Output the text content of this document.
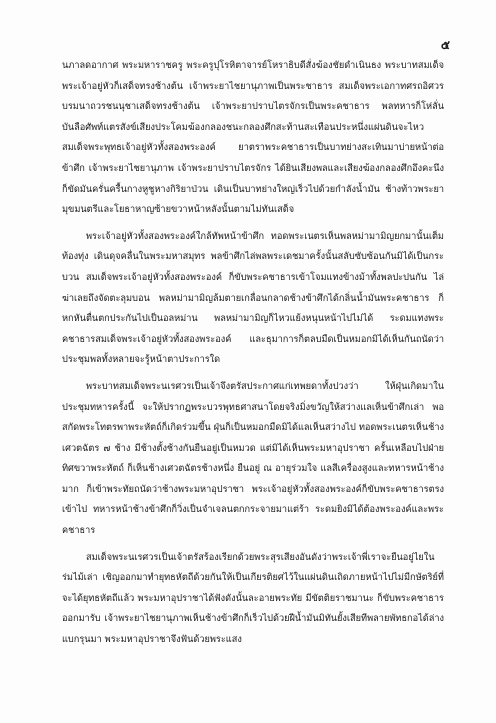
๕

นภาลดอากาศ พระมหาราชครู พระครูปุโรหิตาจารย์โหราธิบดีสั่งฆ้องชัยดำเนินธง พระบาทสมเด็จพระเจ้าอยู่หัวก็เสด็จทรงช้างต้น เจ้าพระยาไชยานุภาพเป็นพระชาธาร สมเด็จพระเอกาทศรถอิศวรบรมนาถวรชนนุชาเสด็จทรงช้างต้น เจ้าพระยาปราบไตรจักรเป็นพระคชาธาร พลทหารก็โห่ลั่นบันลือศัพท์แตรสังข์เสียงประโคมฆ้องกลองชนะกลองศึกสะท้านสะเทือนประหนึ่งแผ่นดินจะไหว สมเด็จพระพุทธเจ้าอยู่หัวทั้งสองพระองค์ ยาตราพระคชาธารเป็นบาทย่างสะเทินมาบ่ายหน้าต่อข้าศึก เจ้าพระยาไชยานุภาพ เจ้าพระยาปราบไตรจักร ได้ยินเสียงพลและเสียงฆ้องกลองศึกอึงคะนึง ก็ขัดมันครั่นครื้นกางหูชูหางกิริยาป่วน เดินเป็นบาทย่างใหญ่เร็วไปด้วยกำลังน้ำมัน ช้างท้าวพระยามุขมนตรีและโยธาหาญซ้ายขวาหน้าหลังนั้นตามไม่ทันเสด็จ

พระเจ้าอยู่หัวทั้งสองพระองค์ใกล้ทัพหน้าข้าศึก ทอดพระเนตรเห็นพลหม่ามามิญยกมานั้นเต็มท้องทุ่ง เดินดุจคลื่นในพระมหาสมุทร พลข้าศึกไล่พลพระเดชมาครั้งนั้นสลับซับซ้อนกันมิได้เป็นกระบวน สมเด็จพระเจ้าอยู่หัวทั้งสองพระองค์ ก็ขับพระคชาธารเข้าโจมแทงข้างม้าทั้งพลปะปนกัน ไล่ฆ่าเลยถึงจัดตะลุมบอน พลหม่ามามิญล้มตายเกลื่อนกลาดช้างข้าศึกได้กลิ่นน้ำมันพระคชาธาร ก็หกหันตื่นตกประกันไปเป็นอลหม่าน พลหม่ามามิญก็ไหวแย้งหนุนหน้าไปไม่ได้ ระดมแทงพระคชาธารสมเด็จพระเจ้าอยู่หัวทั้งสองพระองค์ และธุมาการก็ตลบมืดเป็นหมอกมิได้เห็นกันถนัดว่าประชุมพลทั้งหลายจะรู้หน้าตาประการใด

พระบาทสมเด็จพระนเรศวรเป็นเจ้าจึงตรัสประกาศแก่เทพยดาทั้งปวงว่า ให้ฝุ่นเกิดมาในประชุมทหารครั้งนี้ จะให้ปรากฏพระบวรพุทธศาสนาโดยจริงมิ่งขวัญให้สว่างแลเห็นข้าศึกเล่า พอสกัดพระโทตรพาพระหัตถ์ก็เกิดร่วมขึ้น ฝุ่นก็เป็นหมอกมืดมิได้แลเห็นสว่างไป ทอดพระเนตรเห็นช้างเศวตฉัตร ๗ ช้าง มีช้างตั้งช้างกันยืนอยู่เป็นหมวด แต่มิได้เห็นพระมหาอุปราชา ครั้นเหลือบไปฝ่ายทิศขวาพระหัตถ์ ก็เห็นช้างเศวตฉัตรช้างหนึ่ง ยืนอยู่ ณ อายุร่วมใจ แลสีเครื่องสูงและทหารหน้าช้างมาก ก็เข้าพระทัยถนัดว่าช้างพระมหาอุปราชา พระเจ้าอยู่หัวทั้งสองพระองค์ก็ขับพระคชาธารตรงเข้าไป ทหารหน้าช้างข้าศึกก็วิ่งเป็นจำเจลนตกกระจายมาแต่ร้า ระดมยิงมิได้ต้องพระองค์และพระคชาธาร

สมเด็จพระนเรศวรเป็นเจ้าตรัสร้องเรียกด้วยพระสุรเสียงอันดังว่าพระเจ้าพี่เราจะยืนอยู่ไยในร่มไม้เล่า เชิญออกมาทำยุทธหัตถีด้วยกันให้เป็นเกียรติยศไว้ในแผ่นดินเถิดภายหน้าไปไม่มีกษัตริย์ที่จะได้ยุทธหัตถีแล้ว พระมหาอุปราชาได้ฟังดังนั้นละอายพระทัย มีขัตติยราชมานะ ก็ขับพระคชาธารออกมารับ เจ้าพระยาไชยานุภาพเห็นช้างข้าศึกก็เร็วไปด้วยฝีน้ำมันมิทันยั้งเสียทีพลายพัทธกอได้ล่างแบกรุนมา พระมหาอุปราชาจึงฟันด้วยพระแสง
